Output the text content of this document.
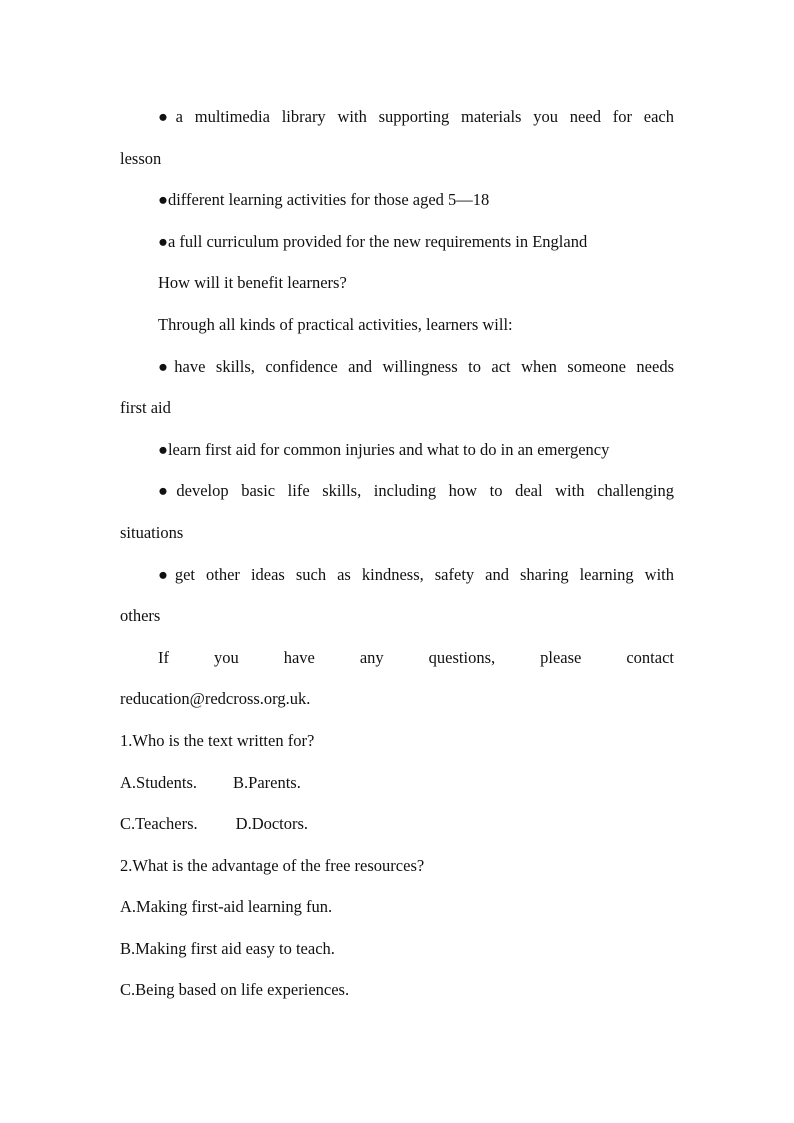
●a multimedia library with supporting materials you need for each
lesson
●different learning activities for those aged 5—18
●a full curriculum provided for the new requirements in England
How will it benefit learners?
Through all kinds of practical activities, learners will:
●have skills, confidence and willingness to act when someone needs
first aid
●learn first aid for common injuries and what to do in an emergency
●develop basic life skills, including how to deal with challenging
situations
●get other ideas such as kindness, safety and sharing learning with
others
If you have any questions, please contact
reducation@redcross.org.uk.
1.Who is the text written for?
A.Students. B.Parents.
C.Teachers. D.Doctors.
2.What is the advantage of the free resources?
A.Making first-aid learning fun.
B.Making first aid easy to teach.
C.Being based on life experiences.
